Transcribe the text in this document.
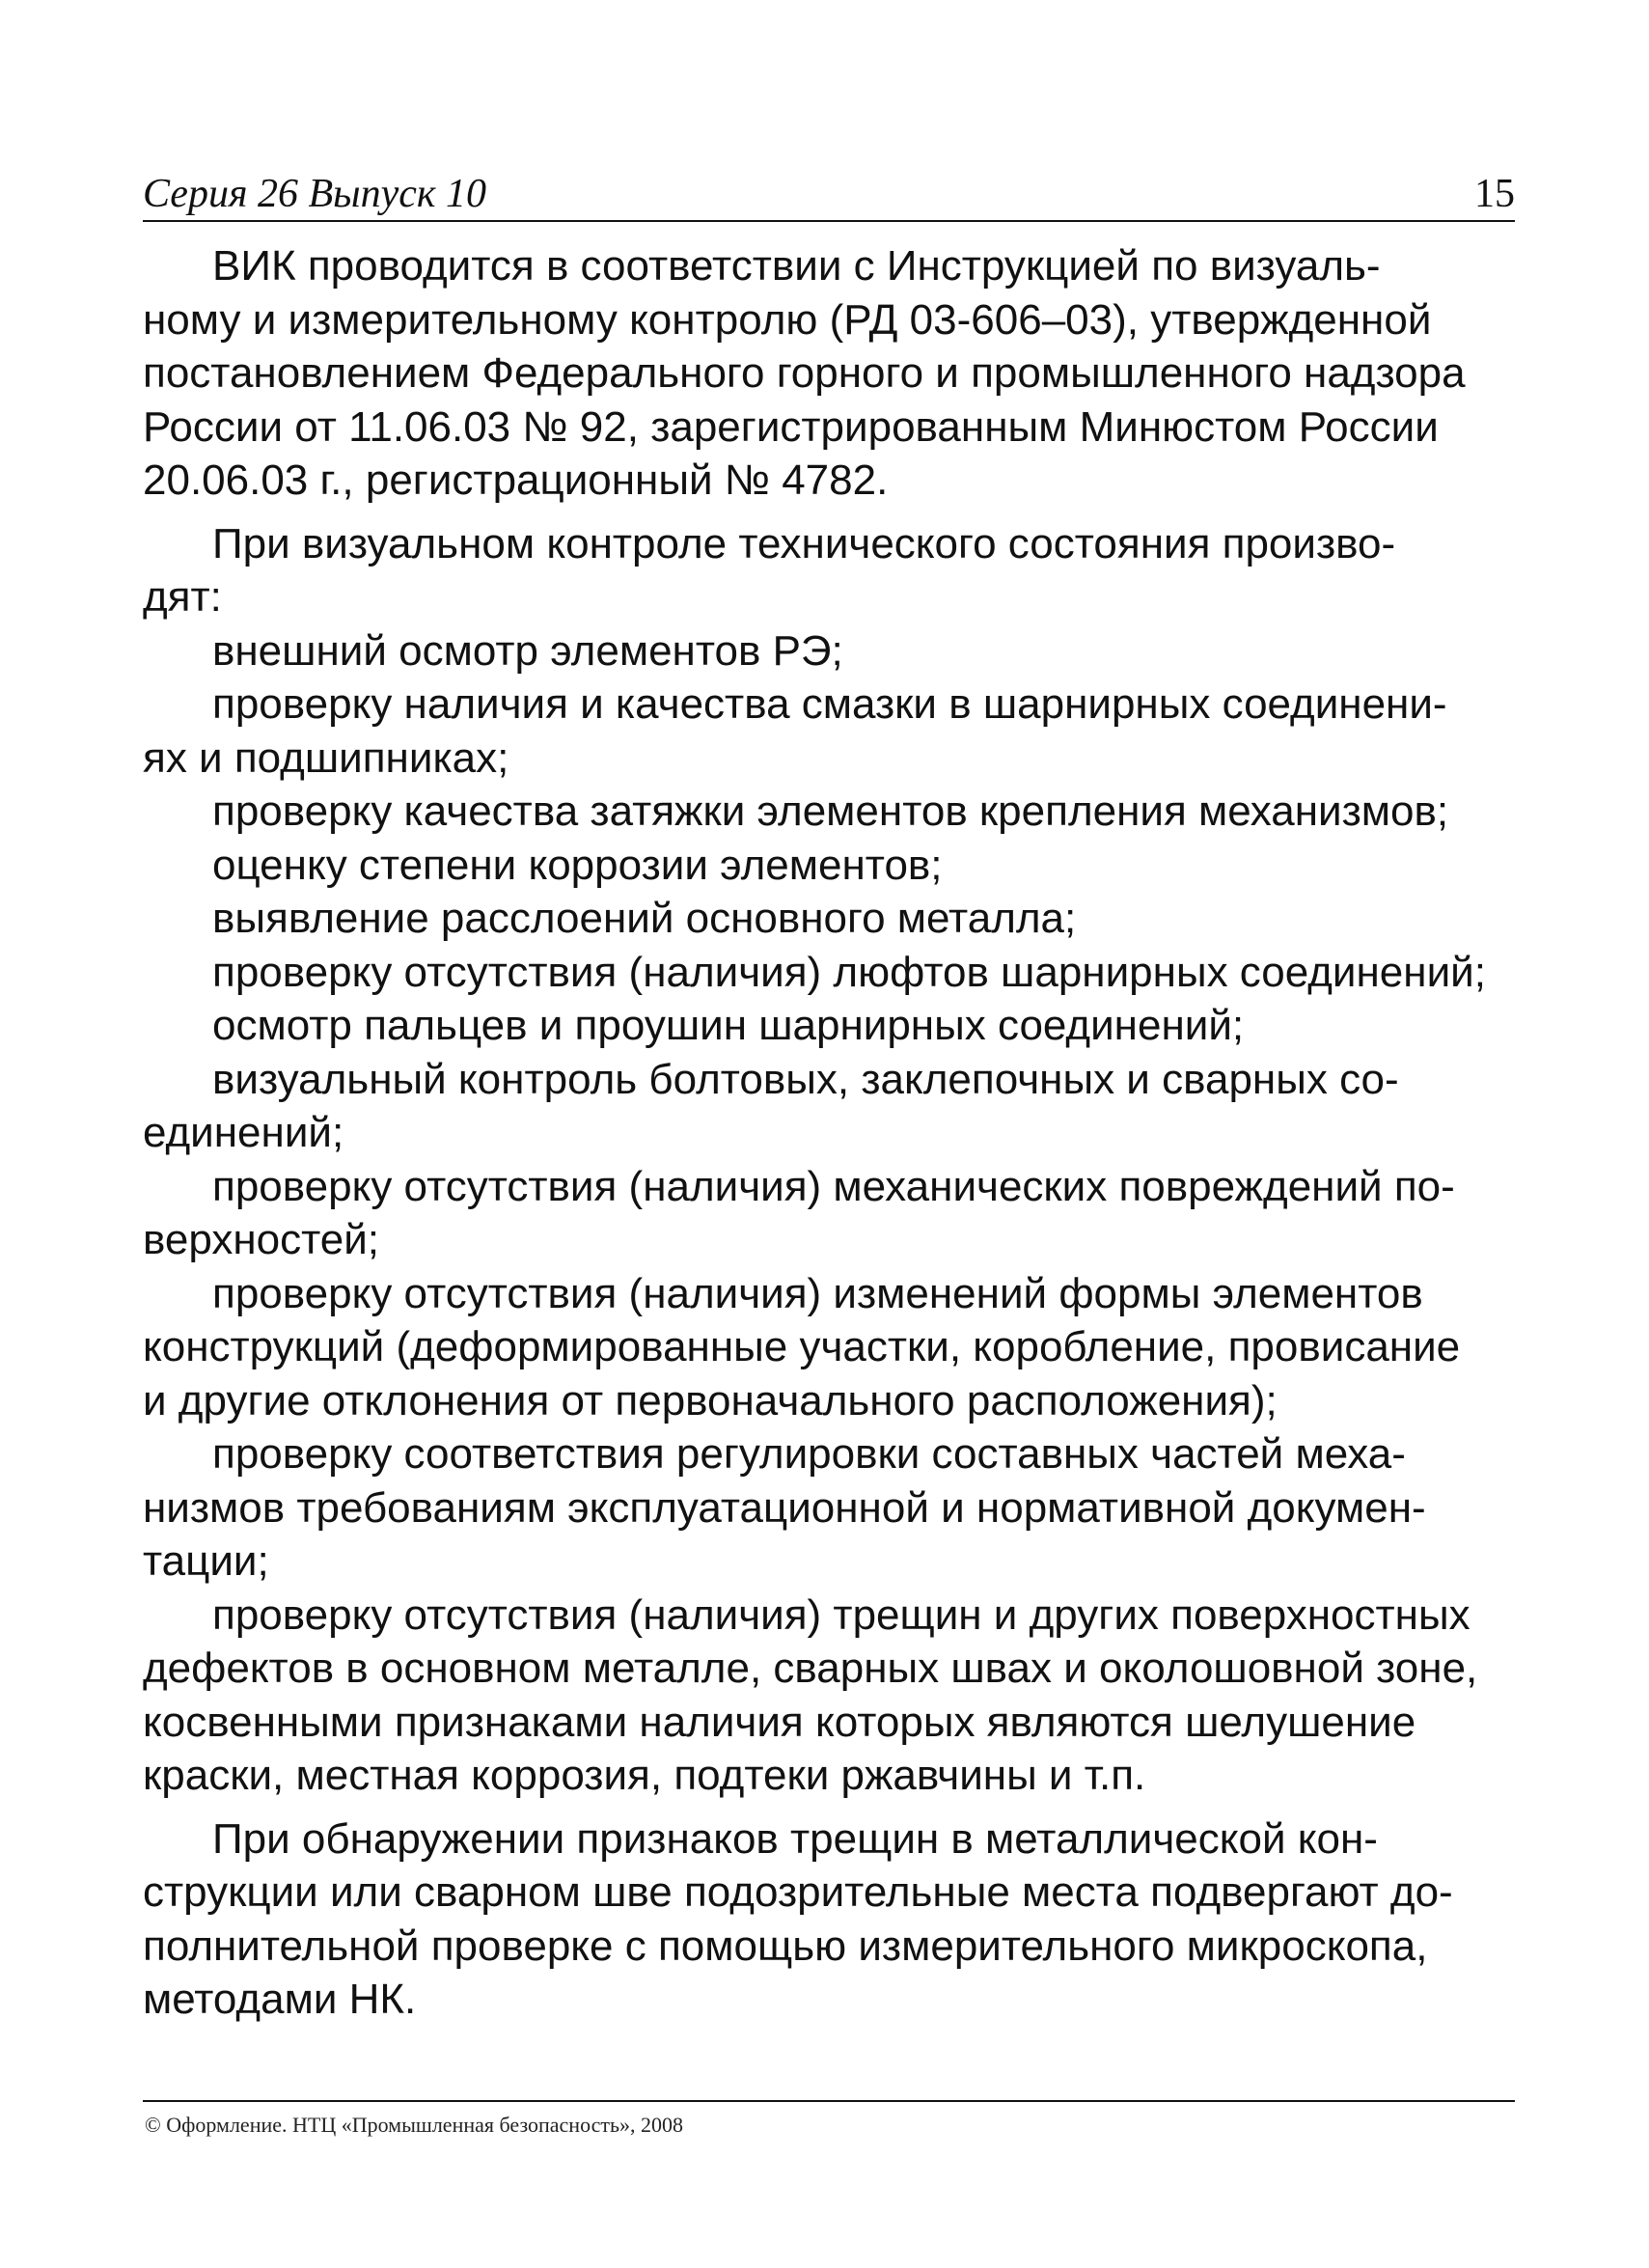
Серия 26 Выпуск 10	15

ВИК проводится в соответствии с Инструкцией по визуаль-
ному и измерительному контролю (РД 03-606–03), утвержденной
постановлением Федерального горного и промышленного надзора
России от 11.06.03 № 92, зарегистрированным Минюстом России
20.06.03 г., регистрационный № 4782.

При визуальном контроле технического состояния произво-
дят:

внешний осмотр элементов РЭ;

проверку наличия и качества смазки в шарнирных соединени-
ях и подшипниках;

проверку качества затяжки элементов крепления механизмов;

оценку степени коррозии элементов;

выявление расслоений основного металла;

проверку отсутствия (наличия) люфтов шарнирных соединений;

осмотр пальцев и проушин шарнирных соединений;

визуальный контроль болтовых, заклепочных и сварных со-
единений;

проверку отсутствия (наличия) механических повреждений по-
верхностей;

проверку отсутствия (наличия) изменений формы элементов
конструкций (деформированные участки, коробление, провисание
и другие отклонения от первоначального расположения);

проверку соответствия регулировки составных частей меха-
низмов требованиям эксплуатационной и нормативной докумен-
тации;

проверку отсутствия (наличия) трещин и других поверхностных
дефектов в основном металле, сварных швах и околошовной зоне,
косвенными признаками наличия которых являются шелушение
краски, местная коррозия, подтеки ржавчины и т.п.

При обнаружении признаков трещин в металлической кон-
струкции или сварном шве подозрительные места подвергают до-
полнительной проверке с помощью измерительного микроскопа,
методами НК.

© Оформление. НТЦ «Промышленная безопасность», 2008
